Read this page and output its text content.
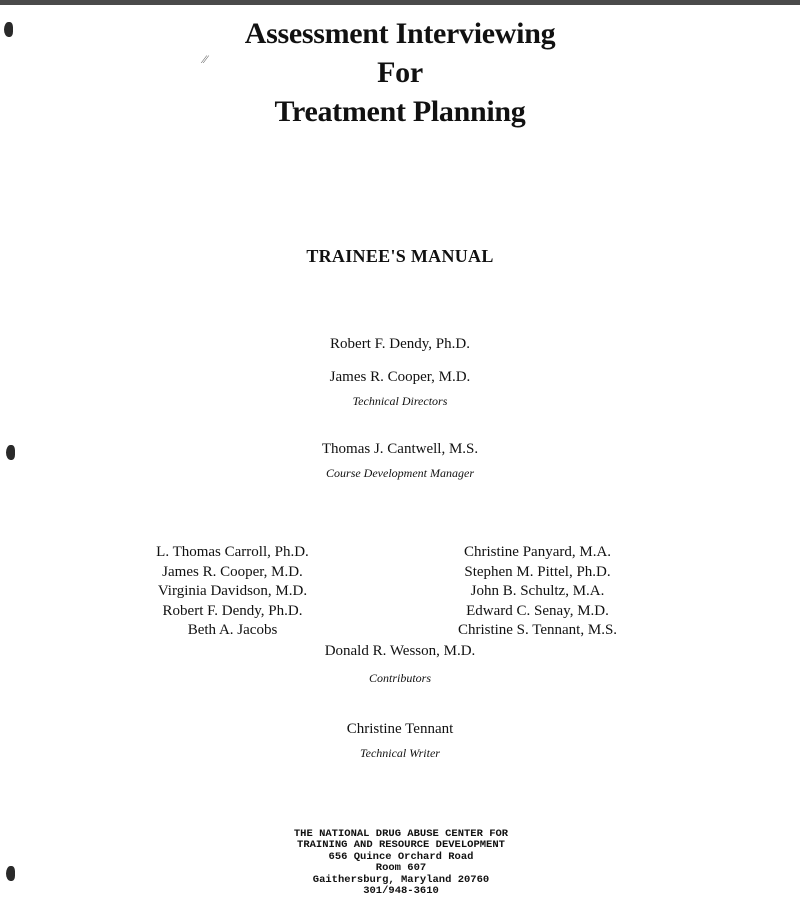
⁄⁄
Assessment Interviewing
For
Treatment Planning
TRAINEE'S MANUAL
Robert F. Dendy, Ph.D.
James R. Cooper, M.D.
Technical Directors
Thomas J. Cantwell, M.S.
Course Development Manager
L. Thomas Carroll, Ph.D.
James R. Cooper, M.D.
Virginia Davidson, M.D.
Robert F. Dendy, Ph.D.
Beth A. Jacobs
Christine Panyard, M.A.
Stephen M. Pittel, Ph.D.
John B. Schultz, M.A.
Edward C. Senay, M.D.
Christine S. Tennant, M.S.
Donald R. Wesson, M.D.
Contributors
Christine Tennant
Technical Writer
THE NATIONAL DRUG ABUSE CENTER FOR
TRAINING AND RESOURCE DEVELOPMENT
656 Quince Orchard Road
Room 607
Gaithersburg, Maryland 20760
301/948-3610
